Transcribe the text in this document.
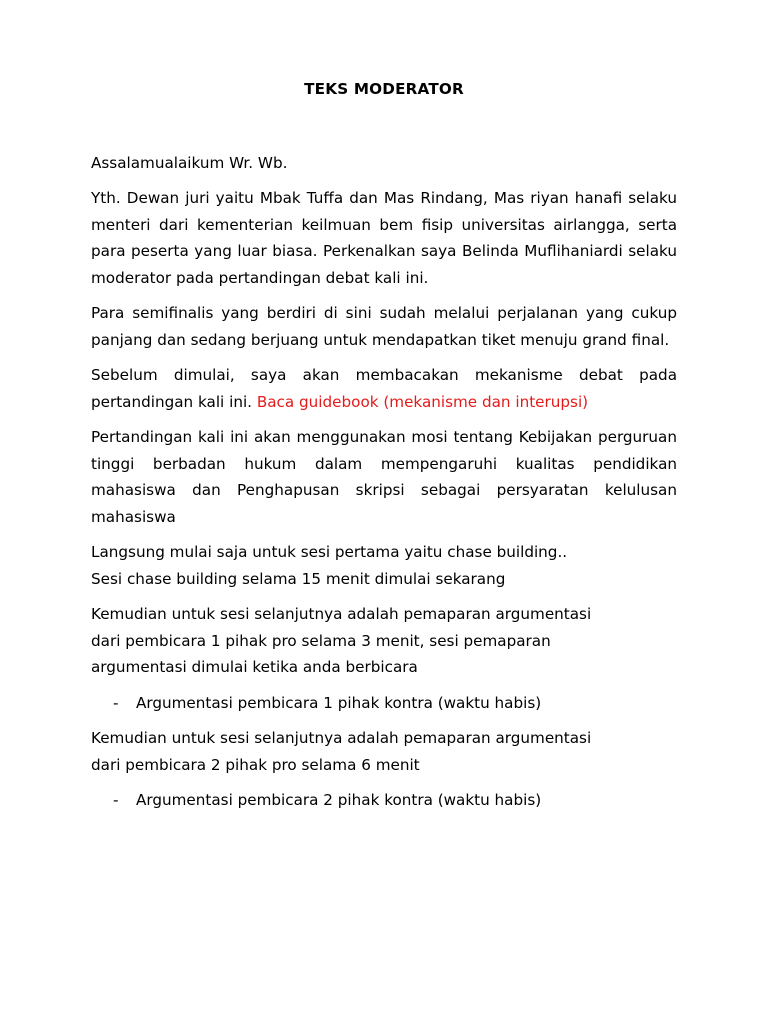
TEKS MODERATOR

Assalamualaikum Wr. Wb.

Yth. Dewan juri yaitu Mbak Tuffa dan Mas Rindang, Mas riyan hanafi selaku menteri dari kementerian keilmuan bem fisip universitas airlangga, serta para peserta yang luar biasa. Perkenalkan saya Belinda Muflihaniardi selaku moderator pada pertandingan debat kali ini.

Para semifinalis yang berdiri di sini sudah melalui perjalanan yang cukup panjang dan sedang berjuang untuk mendapatkan tiket menuju grand final.

Sebelum dimulai, saya akan membacakan mekanisme debat pada pertandingan kali ini. Baca guidebook (mekanisme dan interupsi)

Pertandingan kali ini akan menggunakan mosi tentang Kebijakan perguruan tinggi berbadan hukum dalam mempengaruhi kualitas pendidikan mahasiswa dan Penghapusan skripsi sebagai persyaratan kelulusan mahasiswa

Langsung mulai saja untuk sesi pertama yaitu chase building..
Sesi chase building selama 15 menit dimulai sekarang

Kemudian untuk sesi selanjutnya adalah pemaparan argumentasi
dari pembicara 1 pihak pro selama 3 menit, sesi pemaparan
argumentasi dimulai ketika anda berbicara

-	Argumentasi pembicara 1 pihak kontra (waktu habis)

Kemudian untuk sesi selanjutnya adalah pemaparan argumentasi
dari pembicara 2 pihak pro selama 6 menit

-	Argumentasi pembicara 2 pihak kontra (waktu habis)
